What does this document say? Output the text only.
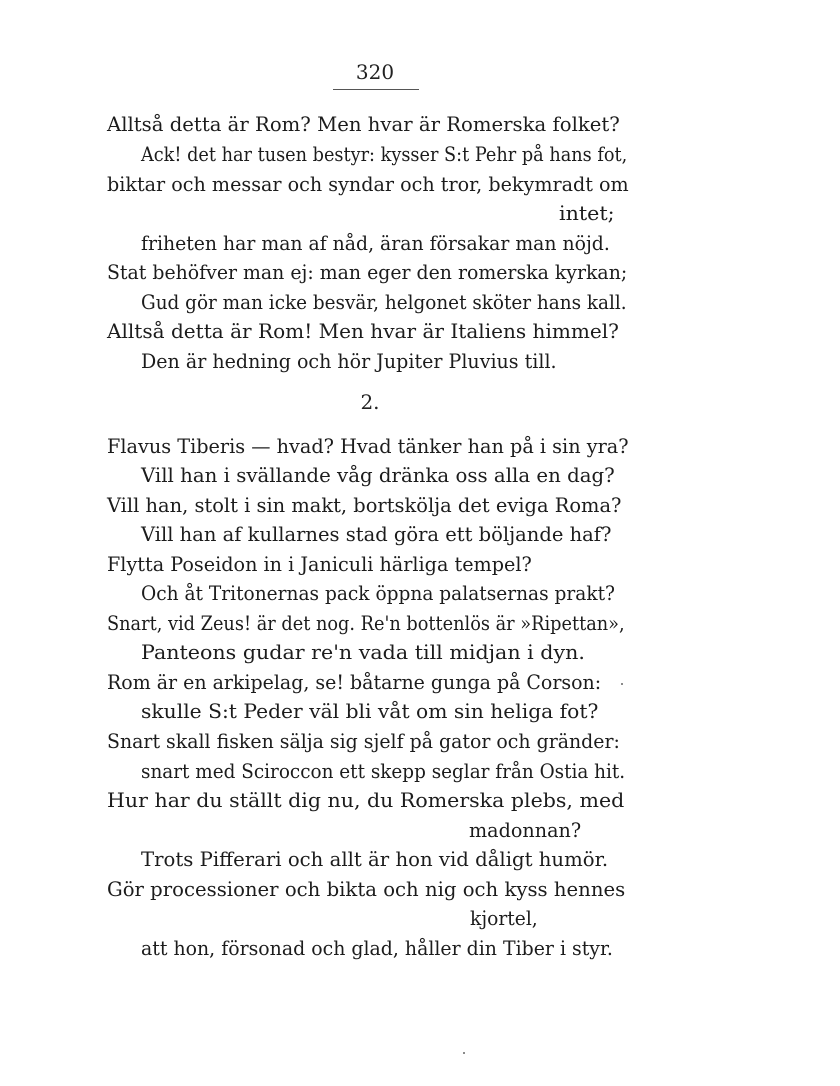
320
Alltså detta är Rom? Men hvar är Romerska folket?
Ack! det har tusen bestyr: kysser S:t Pehr på hans fot,
biktar och messar och syndar och tror, bekymradt om
intet;
friheten har man af nåd, äran försakar man nöjd.
Stat behöfver man ej: man eger den romerska kyrkan;
Gud gör man icke besvär, helgonet sköter hans kall.
Alltså detta är Rom! Men hvar är Italiens himmel?
Den är hedning och hör Jupiter Pluvius till.
2.
Flavus Tiberis — hvad? Hvad tänker han på i sin yra?
Vill han i svällande våg dränka oss alla en dag?
Vill han, stolt i sin makt, bortskölja det eviga Roma?
Vill han af kullarnes stad göra ett böljande haf?
Flytta Poseidon in i Janiculi härliga tempel?
Och åt Tritonernas pack öppna palatsernas prakt?
Snart, vid Zeus! är det nog. Re'n bottenlös är »Ripettan»,
Panteons gudar re'n vada till midjan i dyn.
Rom är en arkipelag, se! båtarne gunga på Corson:
skulle S:t Peder väl bli våt om sin heliga fot?
Snart skall fisken sälja sig sjelf på gator och gränder:
snart med Sciroccon ett skepp seglar från Ostia hit.
Hur har du ställt dig nu, du Romerska plebs, med
madonnan?
Trots Pifferari och allt är hon vid dåligt humör.
Gör processioner och bikta och nig och kyss hennes
kjortel,
att hon, försonad och glad, håller din Tiber i styr.
